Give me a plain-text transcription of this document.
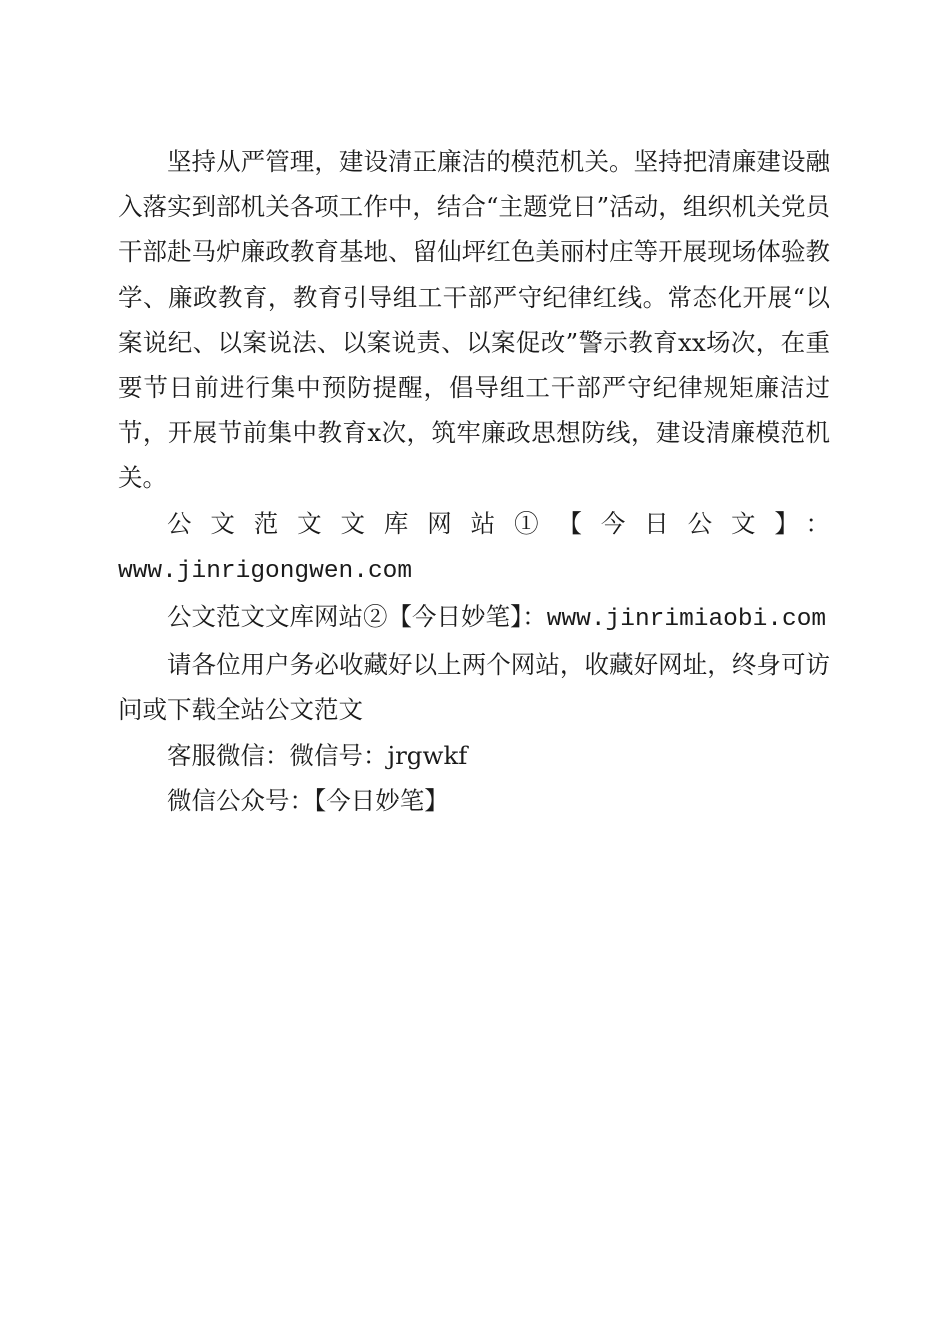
坚持从严管理，建设清正廉洁的模范机关。坚持把清廉建设融入落实到部机关各项工作中，结合“主题党日”活动，组织机关党员干部赴马炉廉政教育基地、留仙坪红色美丽村庄等开展现场体验教学、廉政教育，教育引导组工干部严守纪律红线。常态化开展“以案说纪、以案说法、以案说责、以案促改”警示教育xx场次，在重要节日前进行集中预防提醒，倡导组工干部严守纪律规矩廉洁过节，开展节前集中教育x次，筑牢廉政思想防线，建设清廉模范机关。

公文范文文库网站①【今日公文】：

www.jinrigongwen.com

公文范文文库网站②【今日妙笔】：www.jinrimiaobi.com

请各位用户务必收藏好以上两个网站，收藏好网址，终身可访问或下载全站公文范文

客服微信：微信号：jrgwkf

微信公众号：【今日妙笔】
